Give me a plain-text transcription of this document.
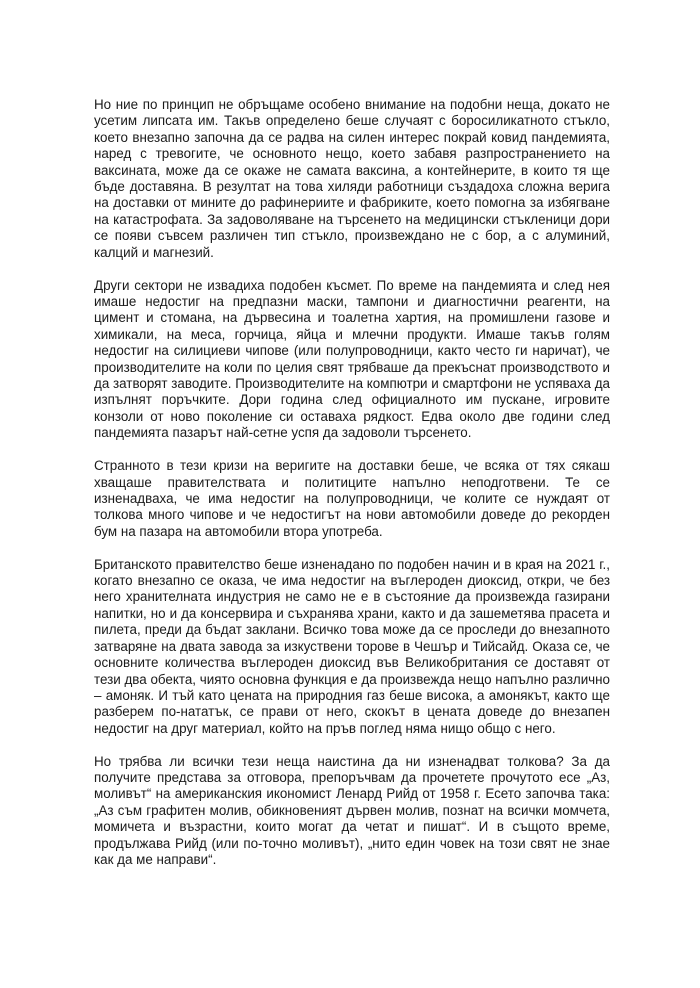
Но ние по принцип не обръщаме особено внимание на подобни неща, докато не усетим липсата им. Такъв определено беше случаят с боросиликатното стъкло, което внезапно започна да се радва на силен интерес покрай ковид пандемията, наред с тревогите, че основното нещо, което забавя разпространението на ваксината, може да се окаже не самата ваксина, а контейнерите, в които тя ще бъде доставяна. В резултат на това хиляди работници създадоха сложна верига на доставки от мините до рафинериите и фабриките, което помогна за избягване на катастрофата. За задоволяване на търсенето на медицински стъкленици дори се появи съвсем различен тип стъкло, произвеждано не с бор, а с алуминий, калций и магнезий.

Други сектори не извадиха подобен късмет. По време на пандемията и след нея имаше недостиг на предпазни маски, тампони и диагностични реагенти, на цимент и стомана, на дървесина и тоалетна хартия, на промишлени газове и химикали, на меса, горчица, яйца и млечни продукти. Имаше такъв голям недостиг на силициеви чипове (или полупроводници, както често ги наричат), че производителите на коли по целия свят трябваше да прекъснат производството и да затворят заводите. Производителите на компютри и смартфони не успяваха да изпълнят поръчките. Дори година след официалното им пускане, игровите конзоли от ново поколение си оставаха рядкост. Едва около две години след пандемията пазарът най-сетне успя да задоволи търсенето.

Странното в тези кризи на веригите на доставки беше, че всяка от тях сякаш хващаше правителствата и политиците напълно неподготвени. Те се изненадваха, че има недостиг на полупроводници, че колите се нуждаят от толкова много чипове и че недостигът на нови автомобили доведе до рекорден бум на пазара на автомобили втора употреба.

Британското правителство беше изненадано по подобен начин и в края на 2021 г., когато внезапно се оказа, че има недостиг на въглероден диоксид, откри, че без него хранителната индустрия не само не е в състояние да произвежда газирани напитки, но и да консервира и съхранява храни, както и да зашеметява прасета и пилета, преди да бъдат заклани. Всичко това може да се проследи до внезапното затваряне на двата завода за изкуствени торове в Чешър и Тийсайд. Оказа се, че основните количества въглероден диоксид във Великобритания се доставят от тези два обекта, чиято основна функция е да произвежда нещо напълно различно – амоняк. И тъй като цената на природния газ беше висока, а амонякът, както ще разберем по-нататък, се прави от него, скокът в цената доведе до внезапен недостиг на друг материал, който на пръв поглед няма нищо общо с него.

Но трябва ли всички тези неща наистина да ни изненадват толкова? За да получите представа за отговора, препоръчвам да прочетете прочутото есе „Аз, моливът“ на американския икономист Ленард Рийд от 1958 г. Есето започва така: „Аз съм графитен молив, обикновеният дървен молив, познат на всички момчета, момичета и възрастни, които могат да четат и пишат“. И в същото време, продължава Рийд (или по-точно моливът), „нито един човек на този свят не знае как да ме направи“.
